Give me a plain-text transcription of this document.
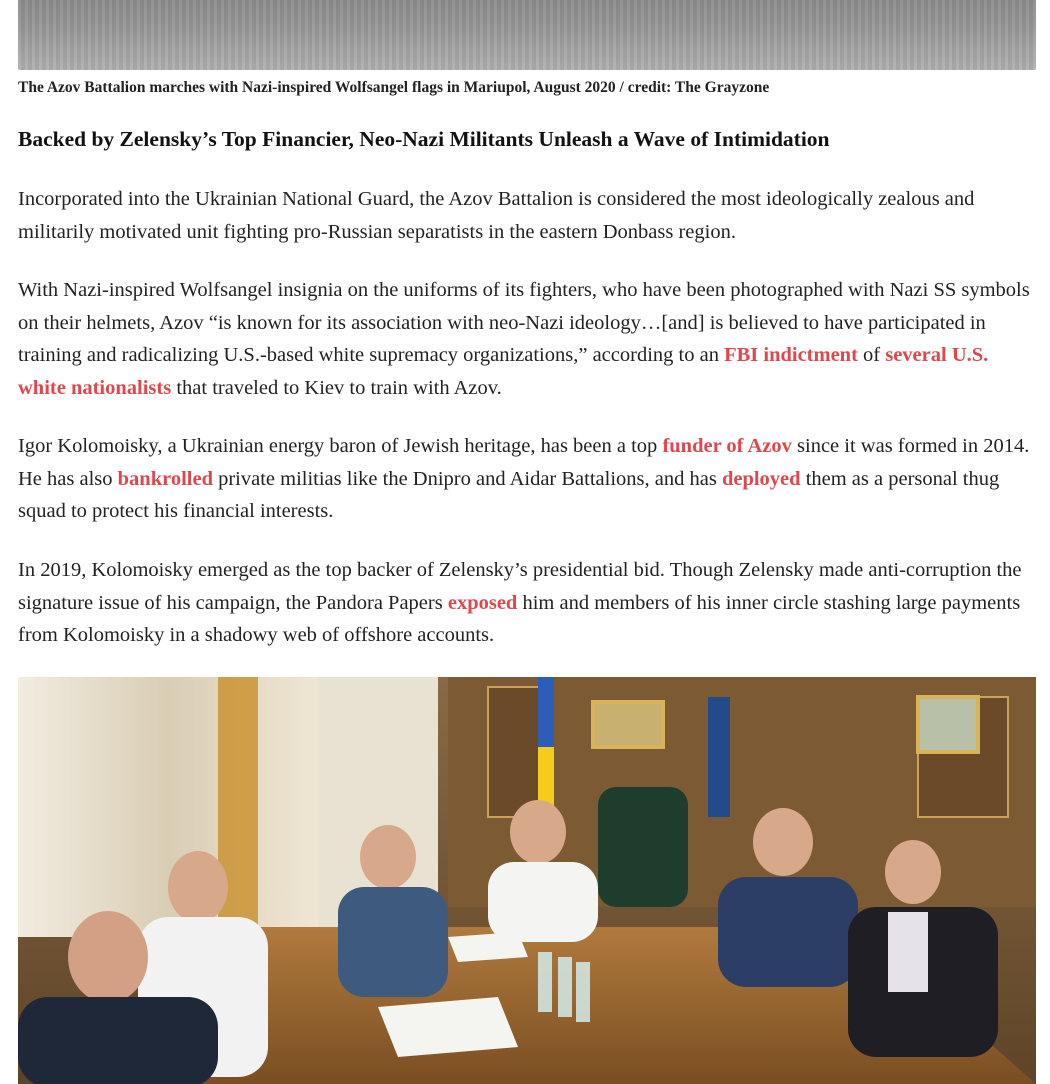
The Azov Battalion marches with Nazi-inspired Wolfsangel flags in Mariupol, August 2020 / credit: The Grayzone
Backed by Zelensky’s Top Financier, Neo-Nazi Militants Unleash a Wave of Intimidation

Incorporated into the Ukrainian National Guard, the Azov Battalion is considered the most ideologically zealous and militarily motivated unit fighting pro-Russian separatists in the eastern Donbass region.

With Nazi-inspired Wolfsangel insignia on the uniforms of its fighters, who have been photographed with Nazi SS symbols on their helmets, Azov “is known for its association with neo-Nazi ideology…[and] is believed to have participated in training and radicalizing U.S.-based white supremacy organizations,” according to an FBI indictment of several U.S. white nationalists that traveled to Kiev to train with Azov.

Igor Kolomoisky, a Ukrainian energy baron of Jewish heritage, has been a top funder of Azov since it was formed in 2014. He has also bankrolled private militias like the Dnipro and Aidar Battalions, and has deployed them as a personal thug squad to protect his financial interests.

In 2019, Kolomoisky emerged as the top backer of Zelensky’s presidential bid. Though Zelensky made anti-corruption the signature issue of his campaign, the Pandora Papers exposed him and members of his inner circle stashing large payments from Kolomoisky in a shadowy web of offshore accounts.
